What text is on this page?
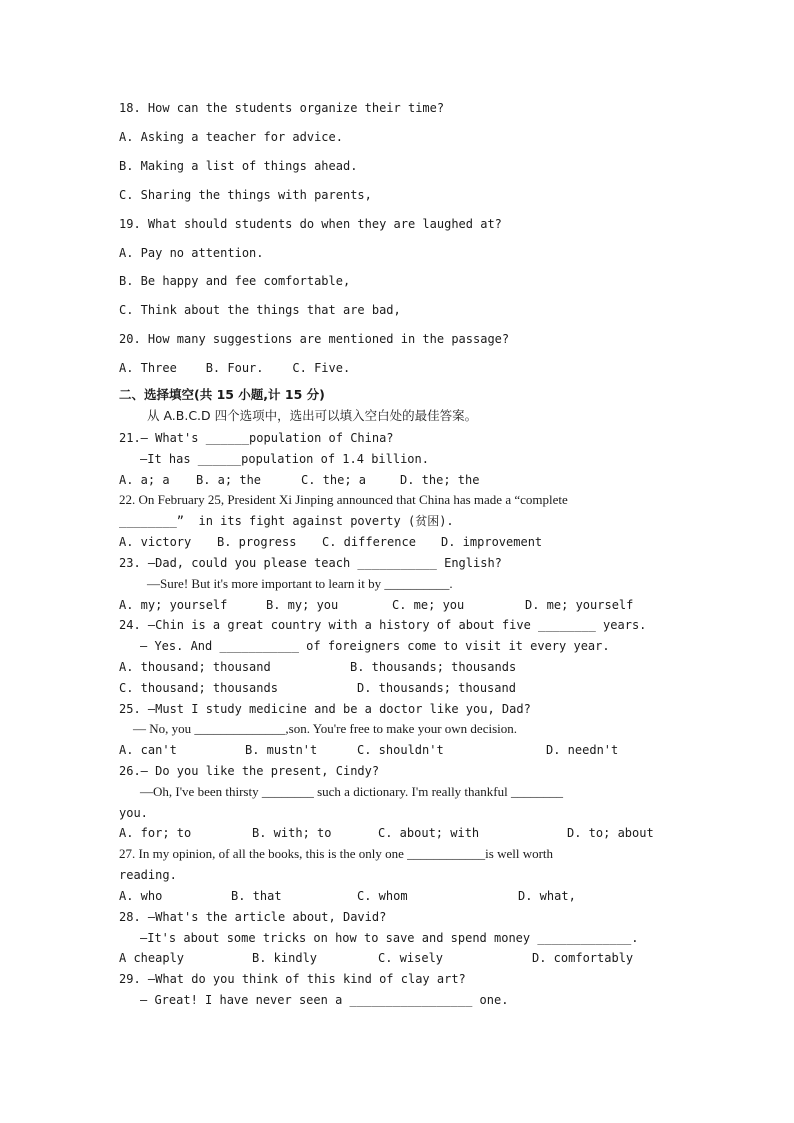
18. How can the students organize their time?
A. Asking a teacher for advice.
B. Making a list of things ahead.
C. Sharing the things with parents,
19. What should students do when they are laughed at?
A. Pay no attention.
B. Be happy and fee comfortable,
C. Think about the things that are bad,
20. How many suggestions are mentioned in the passage?
A. Three    B. Four.    C. Five.
二、选择填空(共 15 小题,计 15 分)
从 A.B.C.D 四个选项中，选出可以填入空白处的最佳答案。
21.— What's ______population of China?
—It has ______population of 1.4 billion.

A. a; a

B. a; the

	C. the; a

	D. the; the

22. On February 25, President Xi Jinping announced that China has made a “complete
________”  in its fight against poverty (贫困).

A. victory

B. progress

C. difference

D. improvement

23. —Dad, could you please teach ___________ English?
—Sure! But it's more important to learn it by __________.

A. my; yourself

	B. my; you

	C. me; you

	D. me; yourself

24. —Chin is a great country with a history of about five ________ years.
— Yes. And ___________ of foreigners come to visit it every year.

A. thousand; thousand

	B. thousands; thousands

C. thousand; thousands

	D. thousands; thousand

25. –Must I study medicine and be a doctor like you, Dad?
— No, you ______________,son. You're free to make your own decision.

A. can't

	B. mustn't

	C. shouldn't

	D. needn't

26.— Do you like the present, Cindy?
—Oh, I've been thirsty ________ such a dictionary. I'm really thankful ________
you.

A. for; to

	B. with; to

	C. about; with

	D. to; about

27. In my opinion, of all the books, this is the only one ____________is well worth
reading.

A. who

	B. that

	C. whom

	D. what,

28. —What's the article about, David?
—It's about some tricks on how to save and spend money _____________.

A cheaply

	B. kindly

	C. wisely

	D. comfortably

29. —What do you think of this kind of clay art?
— Great! I have never seen a _________________ one.
